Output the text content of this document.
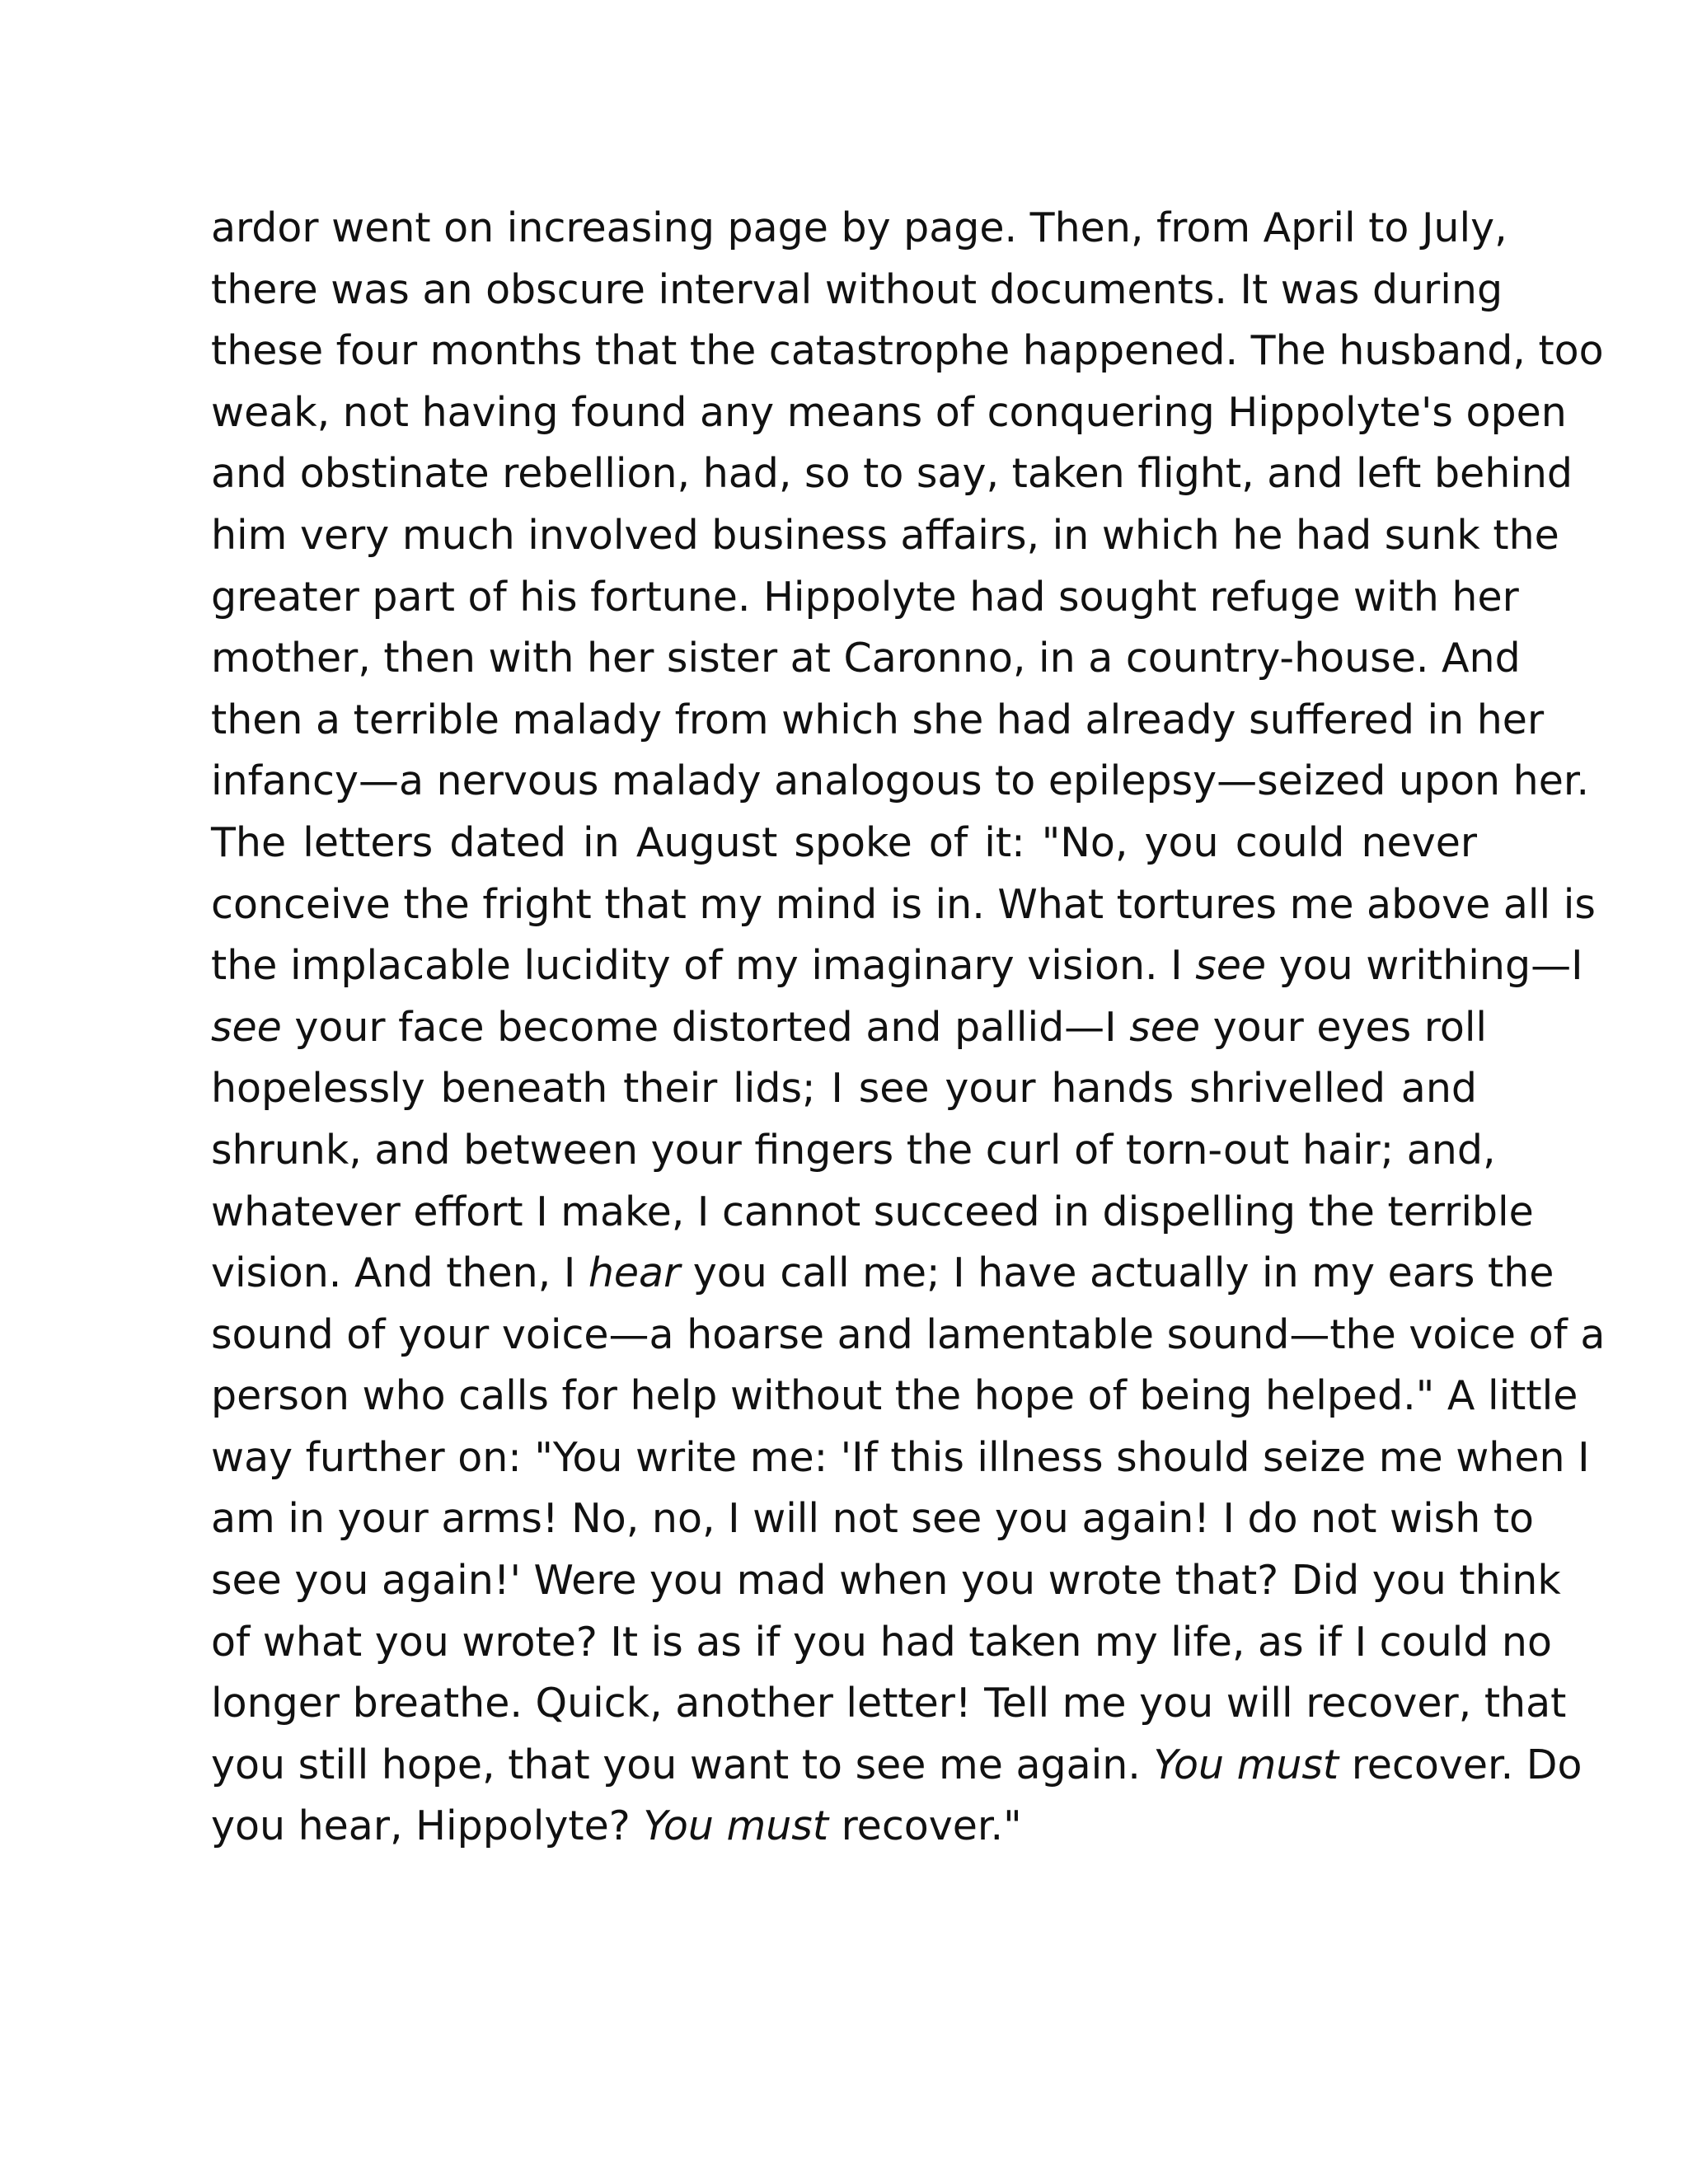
ardor went on increasing page by page. Then, from April to July,
there was an obscure interval without documents. It was during
these four months that the catastrophe happened. The husband, too
weak, not having found any means of conquering Hippolyte's open
and obstinate rebellion, had, so to say, taken flight, and left behind
him very much involved business affairs, in which he had sunk the
greater part of his fortune. Hippolyte had sought refuge with her
mother, then with her sister at Caronno, in a country-house. And
then a terrible malady from which she had already suffered in her
infancy—a nervous malady analogous to epilepsy—seized upon her.
The letters dated in August spoke of it: "No, you could never
conceive the fright that my mind is in. What tortures me above all is
the implacable lucidity of my imaginary vision. I see you writhing—I
see your face become distorted and pallid—I see your eyes roll
hopelessly beneath their lids; I see your hands shrivelled and
shrunk, and between your fingers the curl of torn-out hair; and,
whatever effort I make, I cannot succeed in dispelling the terrible
vision. And then, I hear you call me; I have actually in my ears the
sound of your voice—a hoarse and lamentable sound—the voice of a
person who calls for help without the hope of being helped." A little
way further on: "You write me: 'If this illness should seize me when I
am in your arms! No, no, I will not see you again! I do not wish to
see you again!' Were you mad when you wrote that? Did you think
of what you wrote? It is as if you had taken my life, as if I could no
longer breathe. Quick, another letter! Tell me you will recover, that
you still hope, that you want to see me again. You must recover. Do
you hear, Hippolyte? You must recover."
